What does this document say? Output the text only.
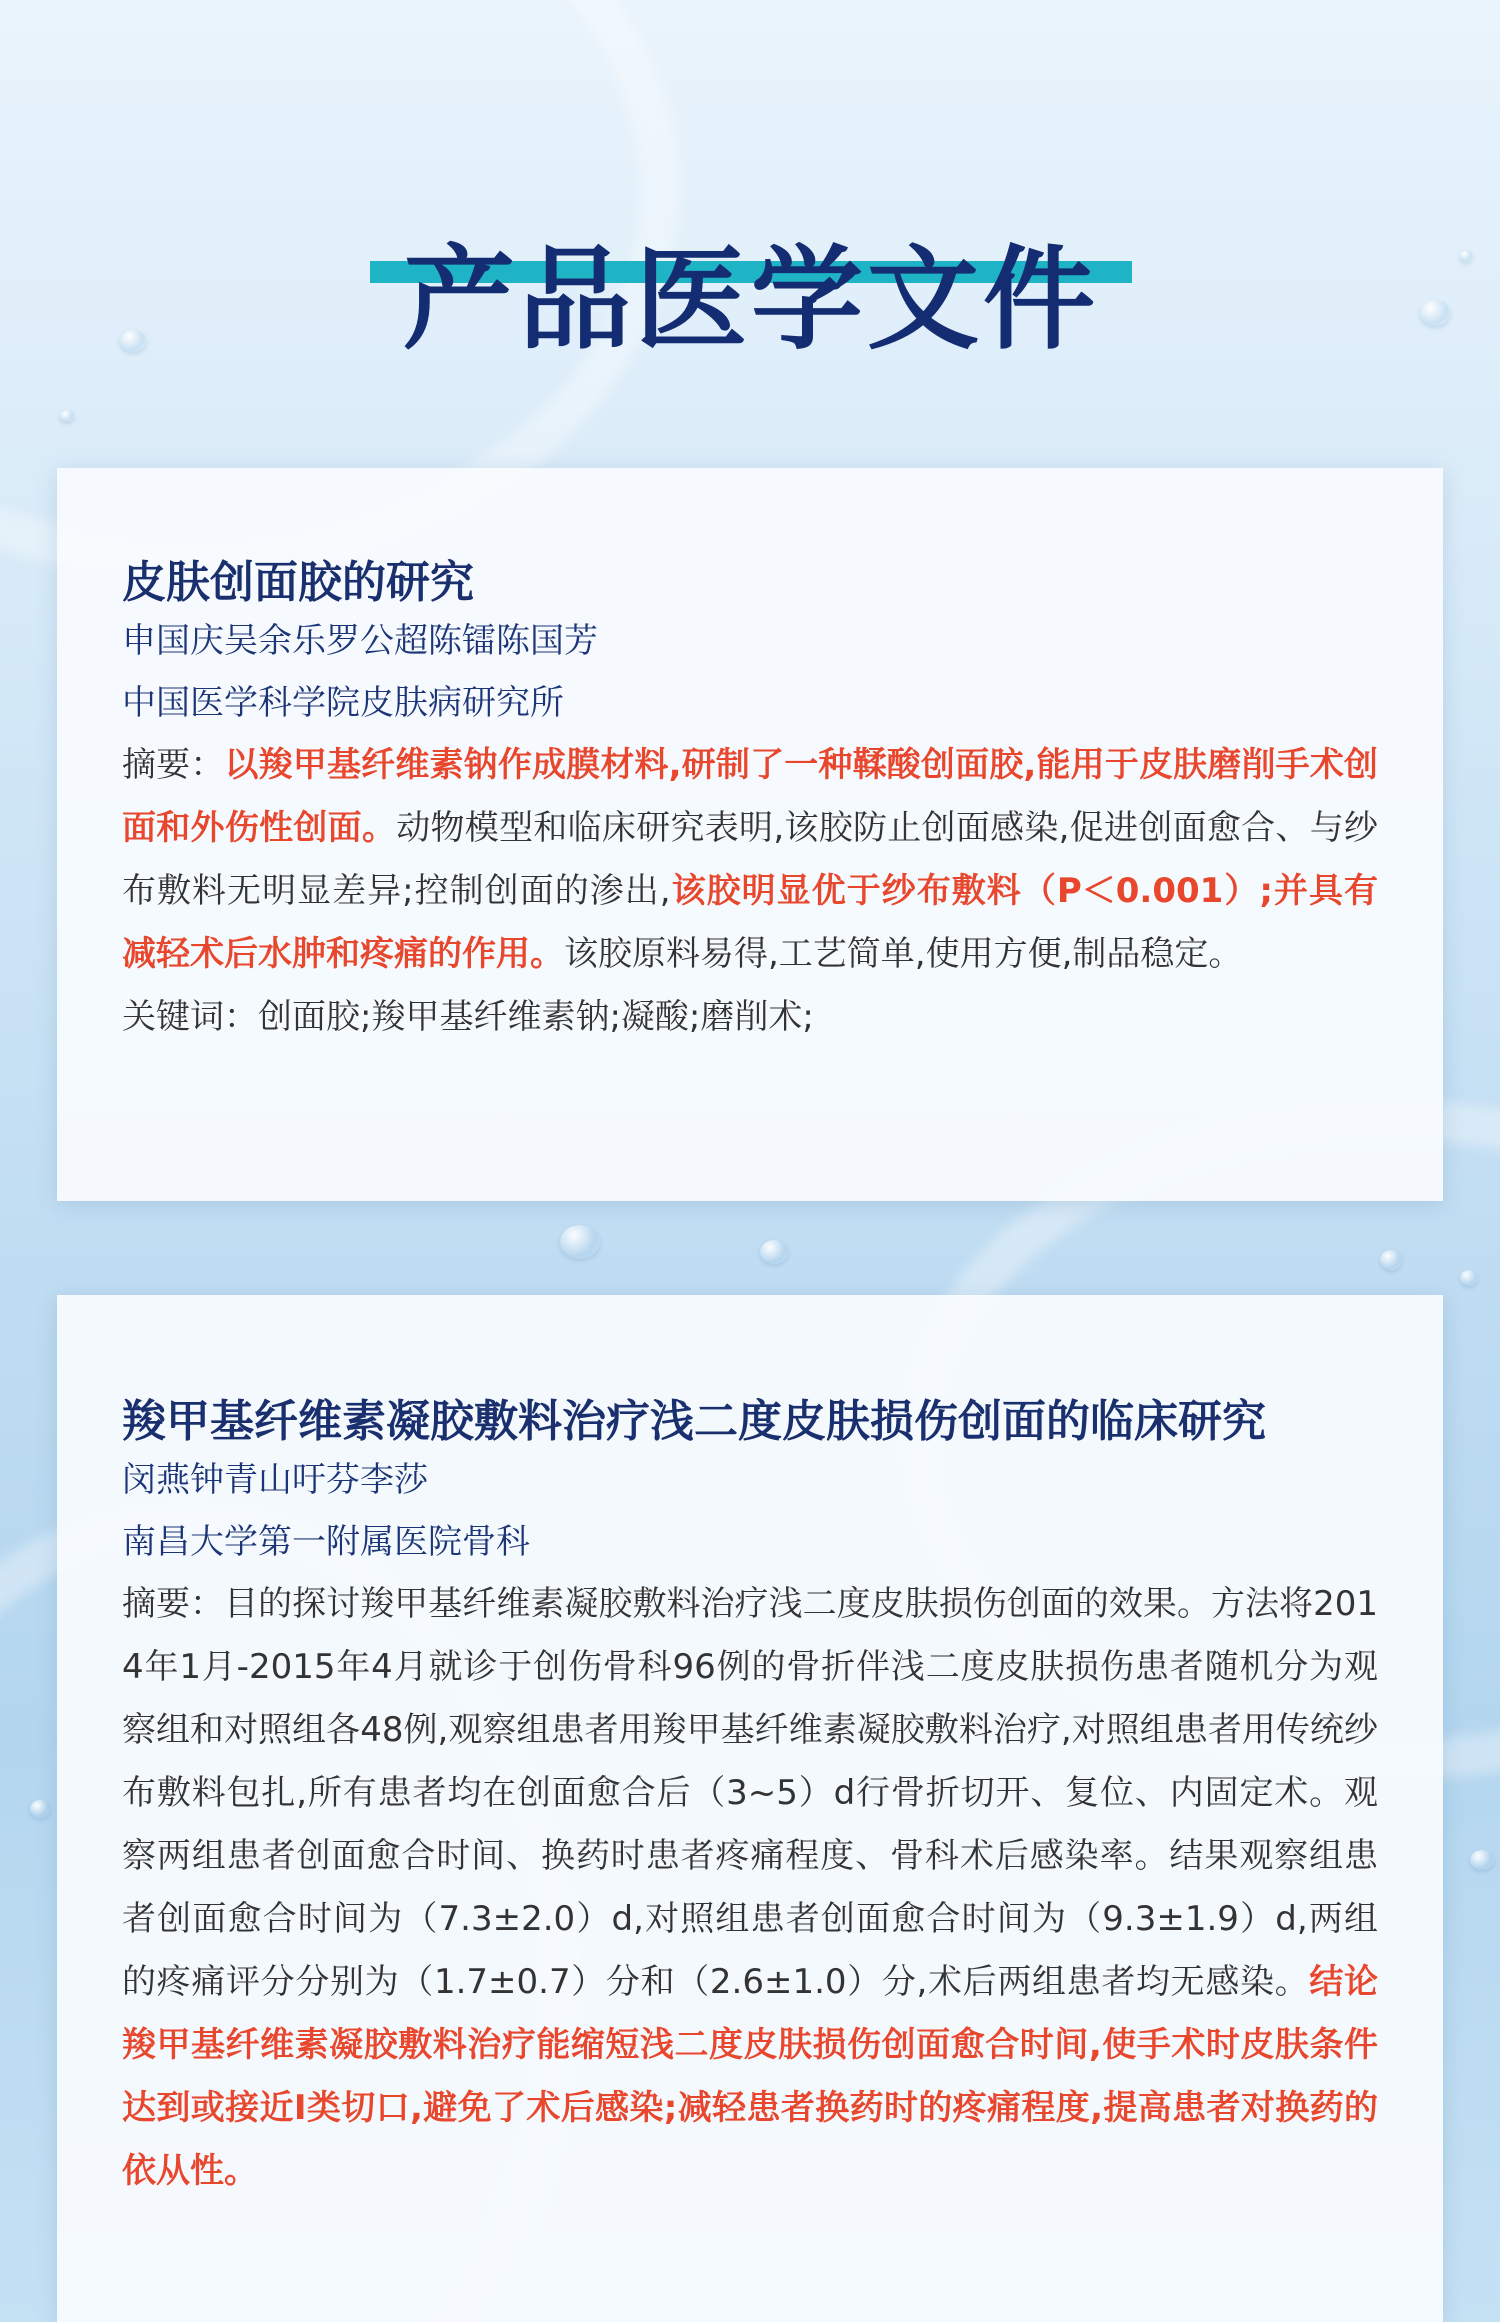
产品医学文件
皮肤创面胶的研究

申国庆吴余乐罗公超陈镭陈国芳

中国医学科学院皮肤病研究所

摘要：以羧甲基纤维素钠作成膜材料,研制了一种鞣酸创面胶,能用于皮肤磨削手术创面和外伤性创面。动物模型和临床研究表明,该胶防止创面感染,促进创面愈合、与纱布敷料无明显差异;控制创面的渗出,该胶明显优于纱布敷料（P＜0.001）;并具有减轻术后水肿和疼痛的作用。该胶原料易得,工艺简单,使用方便,制品稳定。

关键词：创面胶;羧甲基纤维素钠;凝酸;磨削术;

羧甲基纤维素凝胶敷料治疗浅二度皮肤损伤创面的临床研究

闵燕钟青山吁芬李莎

南昌大学第一附属医院骨科

摘要：目的探讨羧甲基纤维素凝胶敷料治疗浅二度皮肤损伤创面的效果。方法将2014年1月-2015年4月就诊于创伤骨科96例的骨折伴浅二度皮肤损伤患者随机分为观察组和对照组各48例,观察组患者用羧甲基纤维素凝胶敷料治疗,对照组患者用传统纱布敷料包扎,所有患者均在创面愈合后（3~5）d行骨折切开、复位、内固定术。观察两组患者创面愈合时间、换药时患者疼痛程度、骨科术后感染率。结果观察组患者创面愈合时间为（7.3±2.0）d,对照组患者创面愈合时间为（9.3±1.9）d,两组的疼痛评分分别为（1.7±0.7）分和（2.6±1.0）分,术后两组患者均无感染。结论羧甲基纤维素凝胶敷料治疗能缩短浅二度皮肤损伤创面愈合时间,使手术时皮肤条件达到或接近Ⅰ类切口,避免了术后感染;减轻患者换药时的疼痛程度,提高患者对换药的依从性。
